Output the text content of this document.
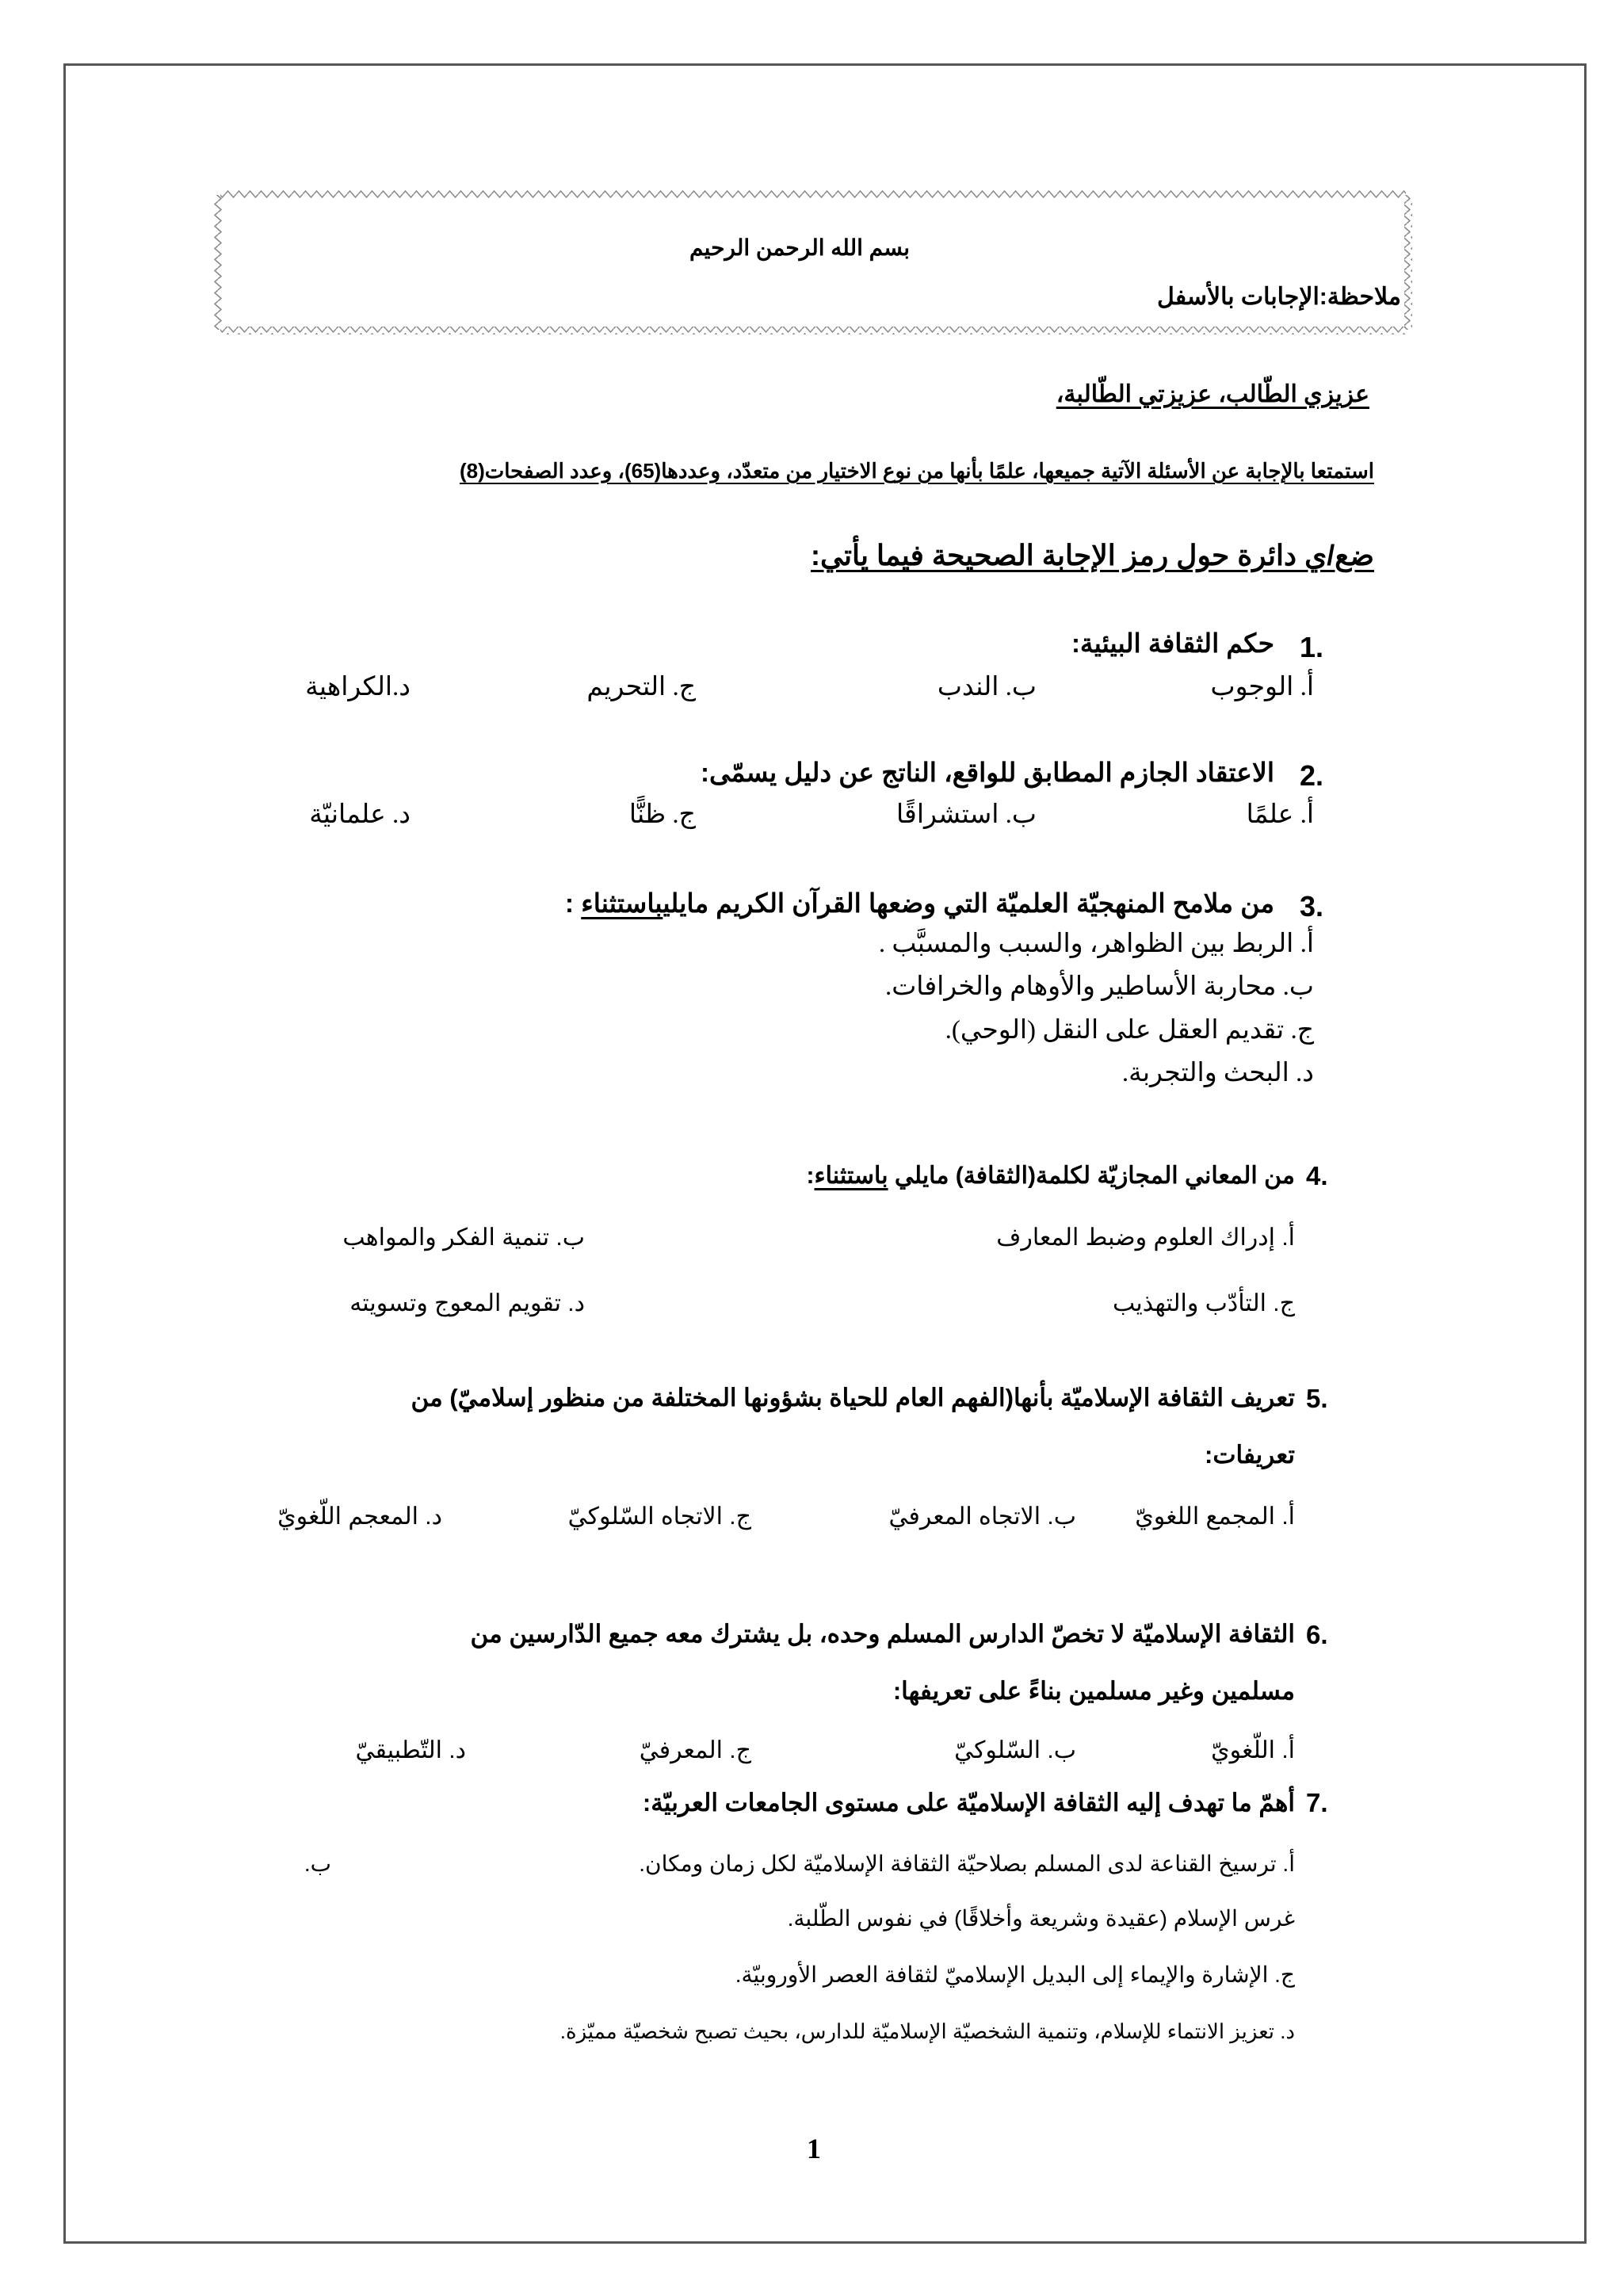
بسم الله الرحمن الرحيم
ملاحظة:الإجابات بالأسفل
عزيزي الطّالب، عزيزتي الطّالبة،
استمتعا بالإجابة عن الأسئلة الآتية جميعها، علمًا بأنها من نوع الاختيار من متعدّد، وعددها(65)، وعدد الصفحات(8)
ضع/ي دائرة حول رمز الإجابة الصحيحة فيما يأتي:
1.
حكم الثقافة البيئية:
أ. الوجوب
ب. الندب
ج. التحريم
د.الكراهية
2.
الاعتقاد الجازم المطابق للواقع، الناتج عن دليل يسمّى:
أ. علمًا
ب. استشراقًا
ج. ظنًّا
د. علمانيّة
3.
من ملامح المنهجيّة العلميّة التي وضعها القرآن الكريم مايليباستثناء :
أ. الربط بين الظواهر، والسبب والمسبَّب .
ب. محاربة الأساطير والأوهام والخرافات.
ج. تقديم العقل على النقل (الوحي).
د. البحث والتجربة.
4.
من المعاني المجازيّة لكلمة(الثقافة) مايلي باستثناء:
أ. إدراك العلوم وضبط المعارف
ب. تنمية الفكر والمواهب
ج. التأدّب والتهذيب
د. تقويم المعوج وتسويته
5.
تعريف الثقافة الإسلاميّة بأنها(الفهم العام للحياة بشؤونها المختلفة من منظور إسلاميّ) من
تعريفات:
أ. المجمع اللغويّ
ب. الاتجاه المعرفيّ
ج. الاتجاه السّلوكيّ
د. المعجم اللّغويّ
6.
الثقافة الإسلاميّة لا تخصّ الدارس المسلم وحده، بل يشترك معه جميع الدّارسين من
مسلمين وغير مسلمين بناءً على تعريفها:
أ. اللّغويّ
ب. السّلوكيّ
ج. المعرفيّ
د. التّطبيقيّ
7.
أهمّ ما تهدف إليه الثقافة الإسلاميّة على مستوى الجامعات العربيّة:
أ. ترسيخ القناعة لدى المسلم بصلاحيّة الثقافة الإسلاميّة لكل زمان ومكان.
ب.
غرس الإسلام (عقيدة وشريعة وأخلاقًا) في نفوس الطّلبة.
ج. الإشارة والإيماء إلى البديل الإسلاميّ لثقافة العصر الأوروبيّة.
د. تعزيز الانتماء للإسلام، وتنمية الشخصيّة الإسلاميّة للدارس، بحيث تصبح شخصيّة مميّزة.
1
